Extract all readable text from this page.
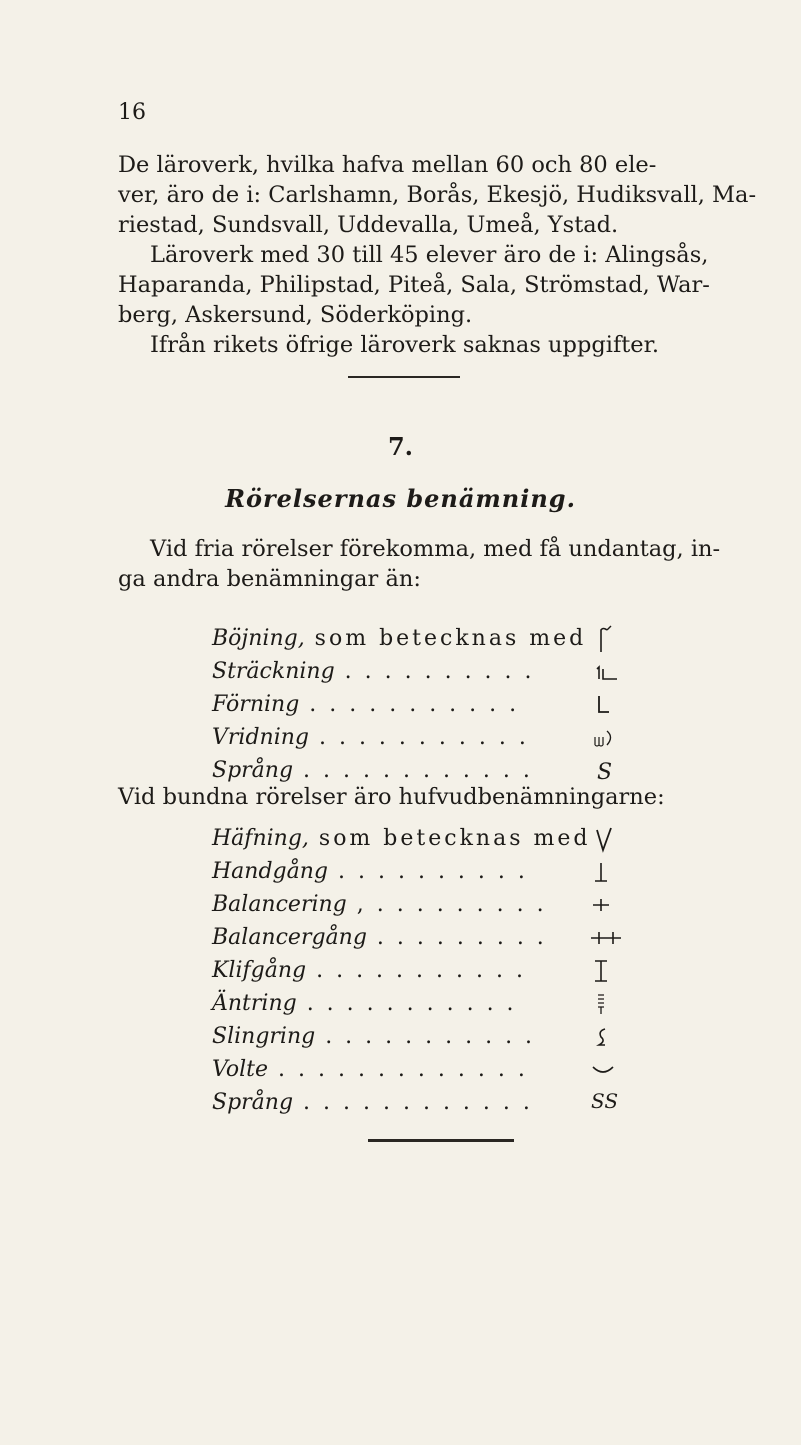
16

De läroverk, hvilka hafva mellan 60 och 80 ele-
ver, äro de i: Carlshamn, Borås, Ekesjö, Hudiksvall, Ma-
riestad, Sundsvall, Uddevalla, Umeå, Ystad.
Läroverk med 30 till 45 elever äro de i: Alingsås,
Haparanda, Philipstad, Piteå, Sala, Strömstad, War-
berg, Askersund, Söderköping.
Ifrån rikets öfrige läroverk saknas uppgifter.

7.
Rörelsernas benämning.

Vid fria rörelser förekomma, med få undantag, in-
ga andra benämningar än:

Böjning, som betecknas med
Sträckning . . . . . . . . . .
Förning . . . . . . . . . . .
Vridning . . . . . . . . . . .
Språng . . . . . . . . . . . .	S

Vid bundna rörelser äro hufvudbenämningarne:

Häfning, som betecknas med
Handgång . . . . . . . . . .
Balancering , . . . . . . . . .
Balancergång . . . . . . . . .
Klifgång . . . . . . . . . . .
Äntring . . . . . . . . . . .
Slingring . . . . . . . . . . .
Volte . . . . . . . . . . . . .
Språng . . . . . . . . . . . .	SS
